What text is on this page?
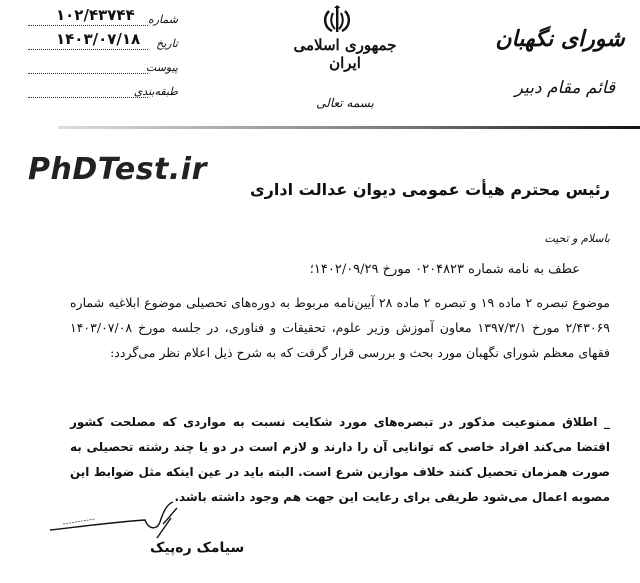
شماره
۱۰۲/۴۳۷۴۴
تاریخ
۱۴۰۳/۰۷/۱۸
پیوست
طبقه‌بندی
جمهوری اسلامی ایران
بسمه تعالی
شورای نگهبان
قائم مقام دبیر
PhDTest.ir
رئیس محترم هیأت عمومی دیوان عدالت اداری
باسلام و تحیت
عطف به نامه شماره ۰۲۰۴۸۲۳ مورخ ۱۴۰۲/۰۹/۲۹؛
موضوع تبصره ۲ ماده ۱۹ و تبصره ۲ ماده ۲۸ آیین‌نامه مربوط به دوره‌های تحصیلی موضوع ابلاغیه شماره ۲/۴۳۰۶۹ مورخ ۱۳۹۷/۳/۱ معاون آموزش وزیر علوم، تحقیقات و فناوری، در جلسه مورخ ۱۴۰۳/۰۷/۰۸ فقهای معظم شورای نگهبان مورد بحث و بررسی قرار گرفت که به شرح ذیل اعلام نظر می‌گردد:
_ اطلاق ممنوعیت مذکور در تبصره‌های مورد شکایت نسبت به مواردی که مصلحت کشور اقتضا می‌کند افراد خاصی که توانایی آن را دارند و لازم است در دو یا چند رشته تحصیلی به صورت همزمان تحصیل کنند خلاف موازین شرع است. البته باید در عین اینکه مثل ضوابط این مصوبه اعمال می‌شود طریقی برای رعایت این جهت هم وجود داشته باشد.
سیامک ره‌پیک
